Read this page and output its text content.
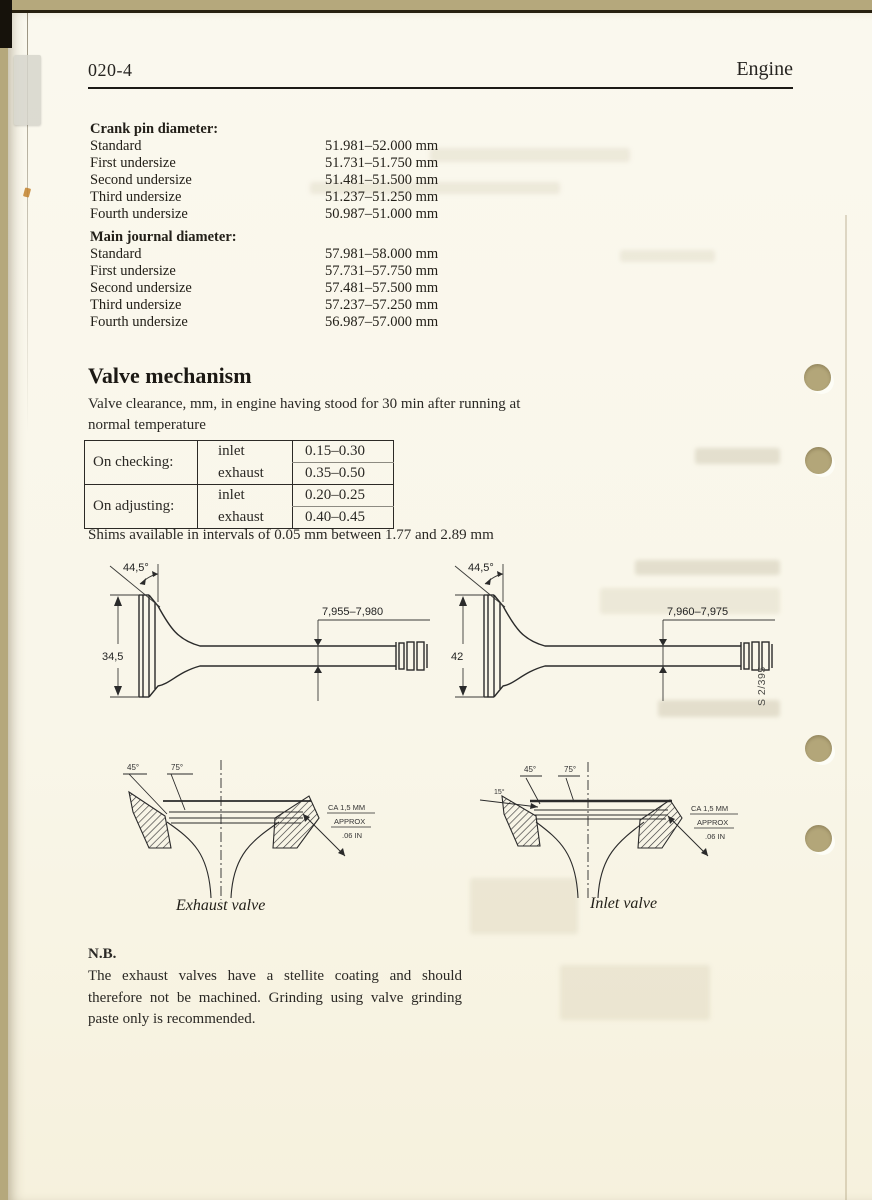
020-4	Engine
Crank pin diameter:
Standard	51.981–52.000 mm
First undersize	51.731–51.750 mm
Second undersize	51.481–51.500 mm
Third undersize	51.237–51.250 mm
Fourth undersize	50.987–51.000 mm
Main journal diameter:
Standard	57.981–58.000 mm
First undersize	57.731–57.750 mm
Second undersize	57.481–57.500 mm
Third undersize	57.237–57.250 mm
Fourth undersize	56.987–57.000 mm
Valve mechanism
Valve clearance, mm, in engine having stood for 30 min after running at normal temperature
On checking:	inlet	0.15–0.30
	exhaust	0.35–0.50
On adjusting:	inlet	0.20–0.25
	exhaust	0.40–0.45
Shims available in intervals of 0.05 mm between 1.77 and 2.89 mm
44,5°
34,5
7,955–7,980
44,5°
42
7,960–7,975
S 2/395
45°	75°
CA 1,5 MM
APPROX
.06 IN
45°	75°
15°
CA 1,5 MM
APPROX
.06 IN
Exhaust valve	Inlet valve
N.B.
The exhaust valves have a stellite coating and should therefore not be machined. Grinding using valve grinding paste only is recommended.
